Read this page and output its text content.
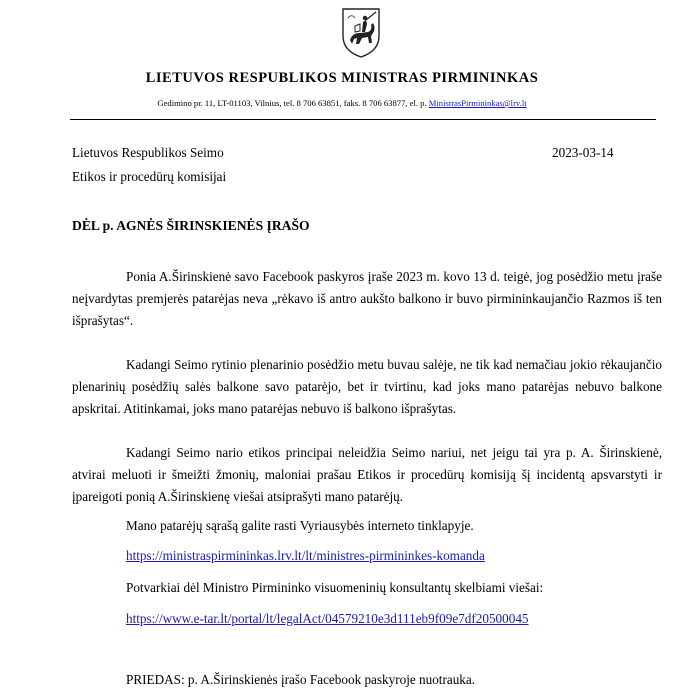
LIETUVOS RESPUBLIKOS MINISTRAS PIRMININKAS
Gedimino pr. 11, LT-01103, Vilnius, tel. 8 706 63851, faks. 8 706 63877, el. p. MinistrasPirmininkas@lrv.lt
Lietuvos Respublikos Seimo
Etikos ir procedūrų komisijai
2023-03-14
DĖL p. AGNĖS ŠIRINSKIENĖS ĮRAŠO

Ponia A.Širinskienė savo Facebook paskyros įraše 2023 m. kovo 13 d. teigė, jog posėdžio metu įraše neįvardytas premjerės patarėjas neva „rėkavo iš antro aukšto balkono ir buvo pirmininkaujančio Razmos iš ten išprašytas“.

Kadangi Seimo rytinio plenarinio posėdžio metu buvau salėje, ne tik kad nemačiau jokio rėkaujančio plenarinių posėdžių salės balkone savo patarėjo, bet ir tvirtinu, kad joks mano patarėjas nebuvo balkone apskritai. Atitinkamai, joks mano patarėjas nebuvo iš balkono išprašytas.

Kadangi Seimo nario etikos principai neleidžia Seimo nariui, net jeigu tai yra p. A. Širinskienė, atvirai meluoti ir šmeižti žmonių, maloniai prašau Etikos ir procedūrų komisiją šį incidentą apsvarstyti ir įpareigoti ponią A.Širinskienę viešai atsiprašyti mano patarėjų.

Mano patarėjų sąrašą galite rasti Vyriausybės interneto tinklapyje.

https://ministraspirmininkas.lrv.lt/lt/ministres-pirmininkes-komanda

Potvarkiai dėl Ministro Pirmininko visuomeninių konsultantų skelbiami viešai:

https://www.e-tar.lt/portal/lt/legalAct/04579210e3d111eb9f09e7df20500045

PRIEDAS: p. A.Širinskienės įrašo Facebook paskyroje nuotrauka.
